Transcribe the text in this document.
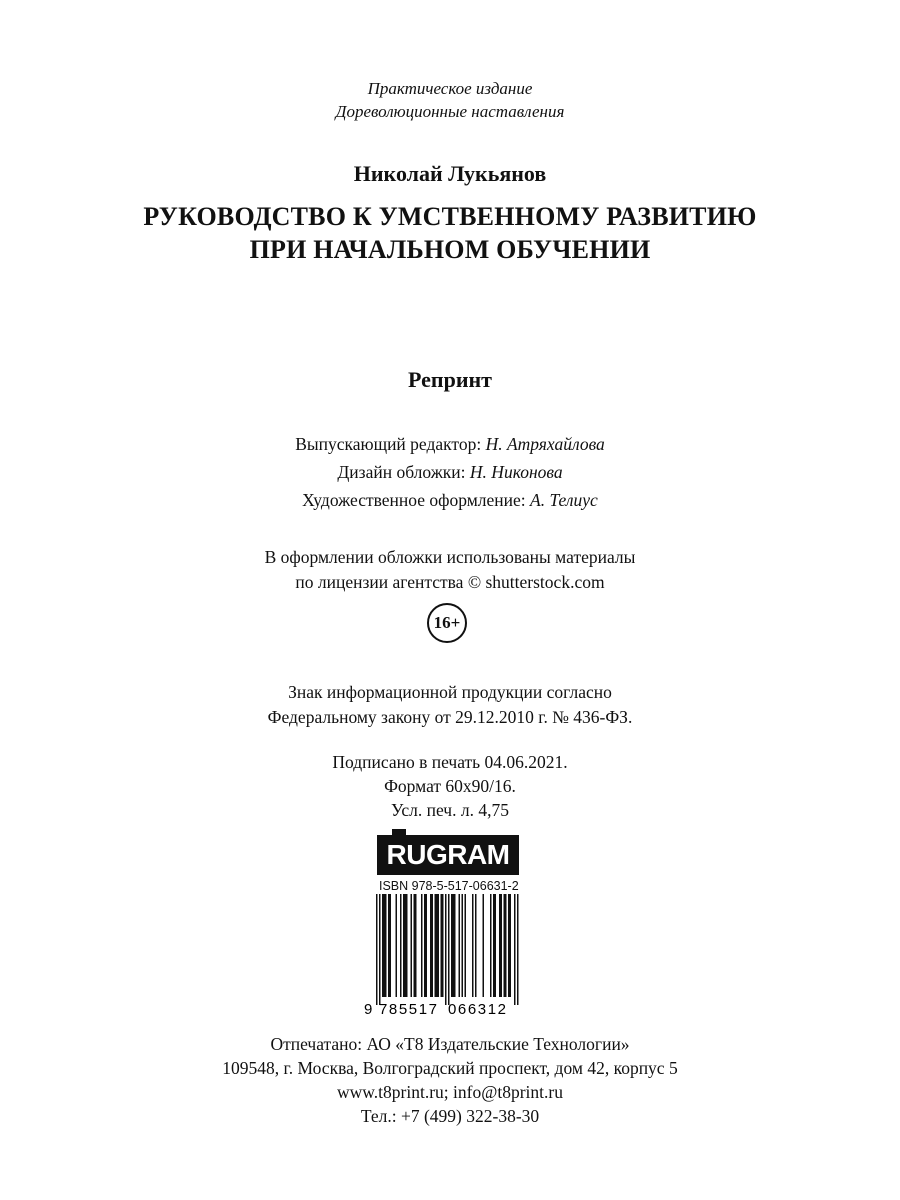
Практическое издание
Дореволюционные наставления
Николай Лукьянов
РУКОВОДСТВО К УМСТВЕННОМУ РАЗВИТИЮ
ПРИ НАЧАЛЬНОМ ОБУЧЕНИИ
Репринт
Выпускающий редактор: Н. Атряхайлова
Дизайн обложки: Н. Никонова
Художественное оформление: А. Телиус
В оформлении обложки использованы материалы
по лицензии агентства © shutterstock.com
16+
Знак информационной продукции согласно
Федеральному закону от 29.12.2010 г. № 436-ФЗ.
Подписано в печать 04.06.2021.
Формат 60x90/16.
Усл. печ. л. 4,75
RUGRAM
ISBN 978-5-517-06631-2
9 785517 066312
Отпечатано: АО «Т8 Издательские Технологии»
109548, г. Москва, Волгоградский проспект, дом 42, корпус 5
www.t8print.ru; info@t8print.ru
Тел.: +7 (499) 322-38-30
